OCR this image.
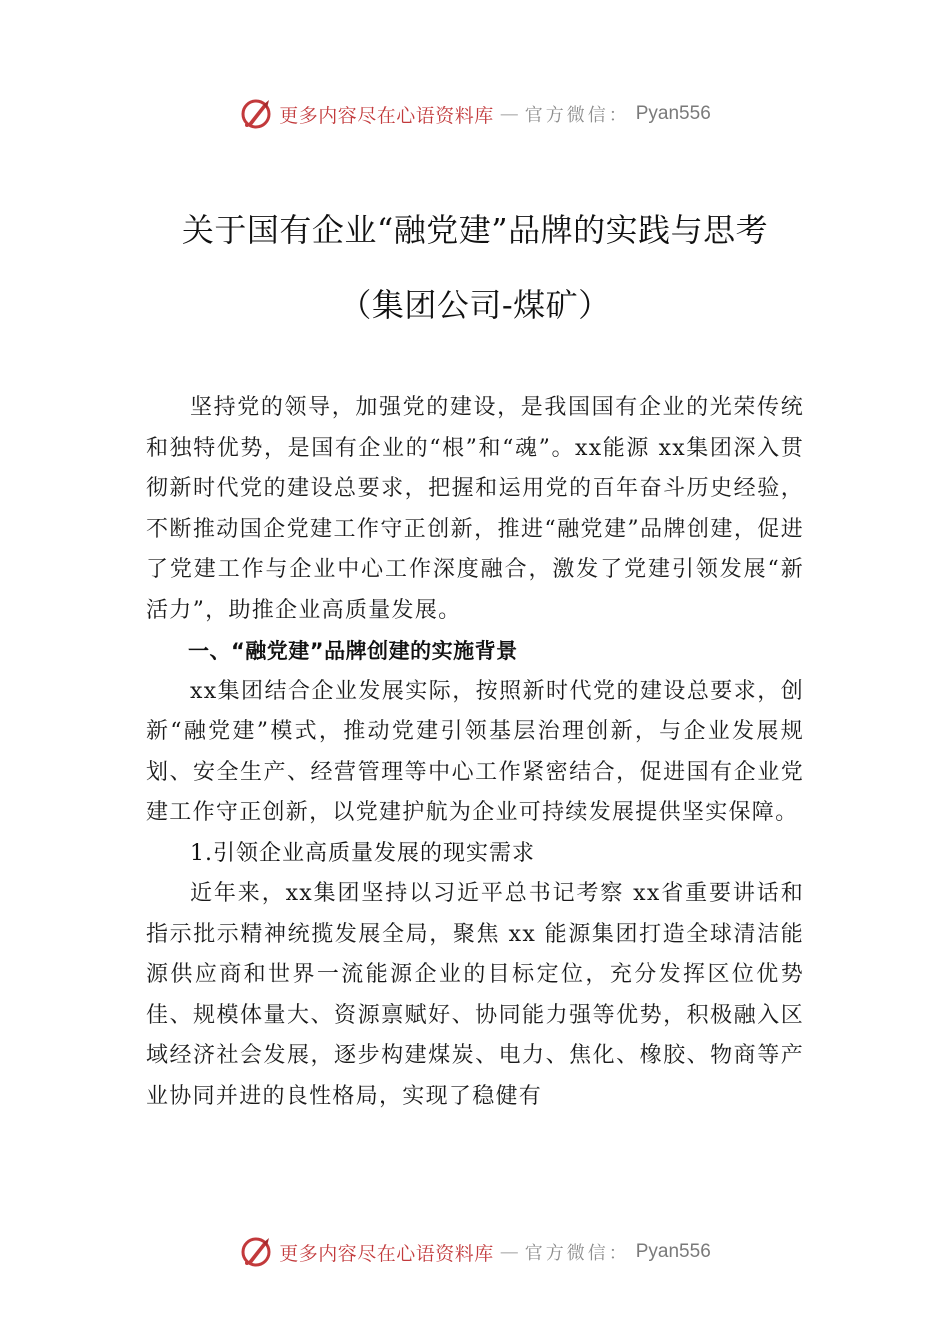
更多内容尽在心语资料库 — 官方微信： Pyan556
关于国有企业“融党建”品牌的实践与思考
（集团公司-煤矿）

坚持党的领导，加强党的建设，是我国国有企业的光荣传统和独特优势，是国有企业的“根”和“魂”。xx能源 xx集团深入贯彻新时代党的建设总要求，把握和运用党的百年奋斗历史经验，不断推动国企党建工作守正创新，推进“融党建”品牌创建，促进了党建工作与企业中心工作深度融合，激发了党建引领发展“新活力”，助推企业高质量发展。

一、“融党建”品牌创建的实施背景

xx集团结合企业发展实际，按照新时代党的建设总要求，创新“融党建”模式，推动党建引领基层治理创新，与企业发展规划、安全生产、经营管理等中心工作紧密结合，促进国有企业党建工作守正创新，以党建护航为企业可持续发展提供坚实保障。

1.引领企业高质量发展的现实需求

近年来，xx集团坚持以习近平总书记考察 xx省重要讲话和指示批示精神统揽发展全局，聚焦 xx 能源集团打造全球清洁能源供应商和世界一流能源企业的目标定位，充分发挥区位优势佳、规模体量大、资源禀赋好、协同能力强等优势，积极融入区域经济社会发展，逐步构建煤炭、电力、焦化、橡胶、物商等产业协同并进的良性格局，实现了稳健有

更多内容尽在心语资料库 — 官方微信： Pyan556
